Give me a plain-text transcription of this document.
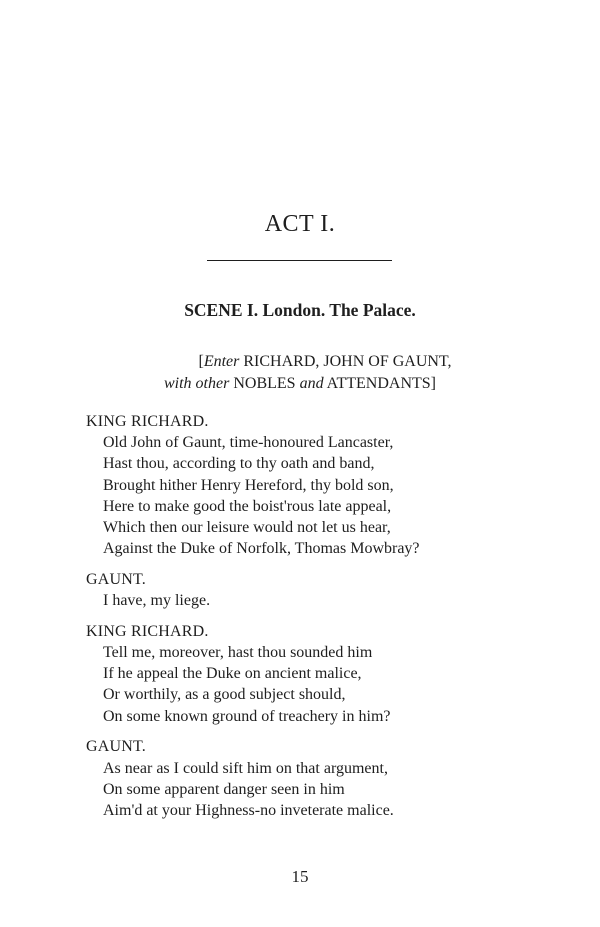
ACT I.
SCENE I. London. The Palace.
[Enter RICHARD, JOHN OF GAUNT,
with other NOBLES and ATTENDANTS]
KING RICHARD.
Old John of Gaunt, time-honoured Lancaster,
Hast thou, according to thy oath and band,
Brought hither Henry Hereford, thy bold son,
Here to make good the boist'rous late appeal,
Which then our leisure would not let us hear,
Against the Duke of Norfolk, Thomas Mowbray?
GAUNT.
I have, my liege.
KING RICHARD.
Tell me, moreover, hast thou sounded him
If he appeal the Duke on ancient malice,
Or worthily, as a good subject should,
On some known ground of treachery in him?
GAUNT.
As near as I could sift him on that argument,
On some apparent danger seen in him
Aim'd at your Highness-no inveterate malice.
15
